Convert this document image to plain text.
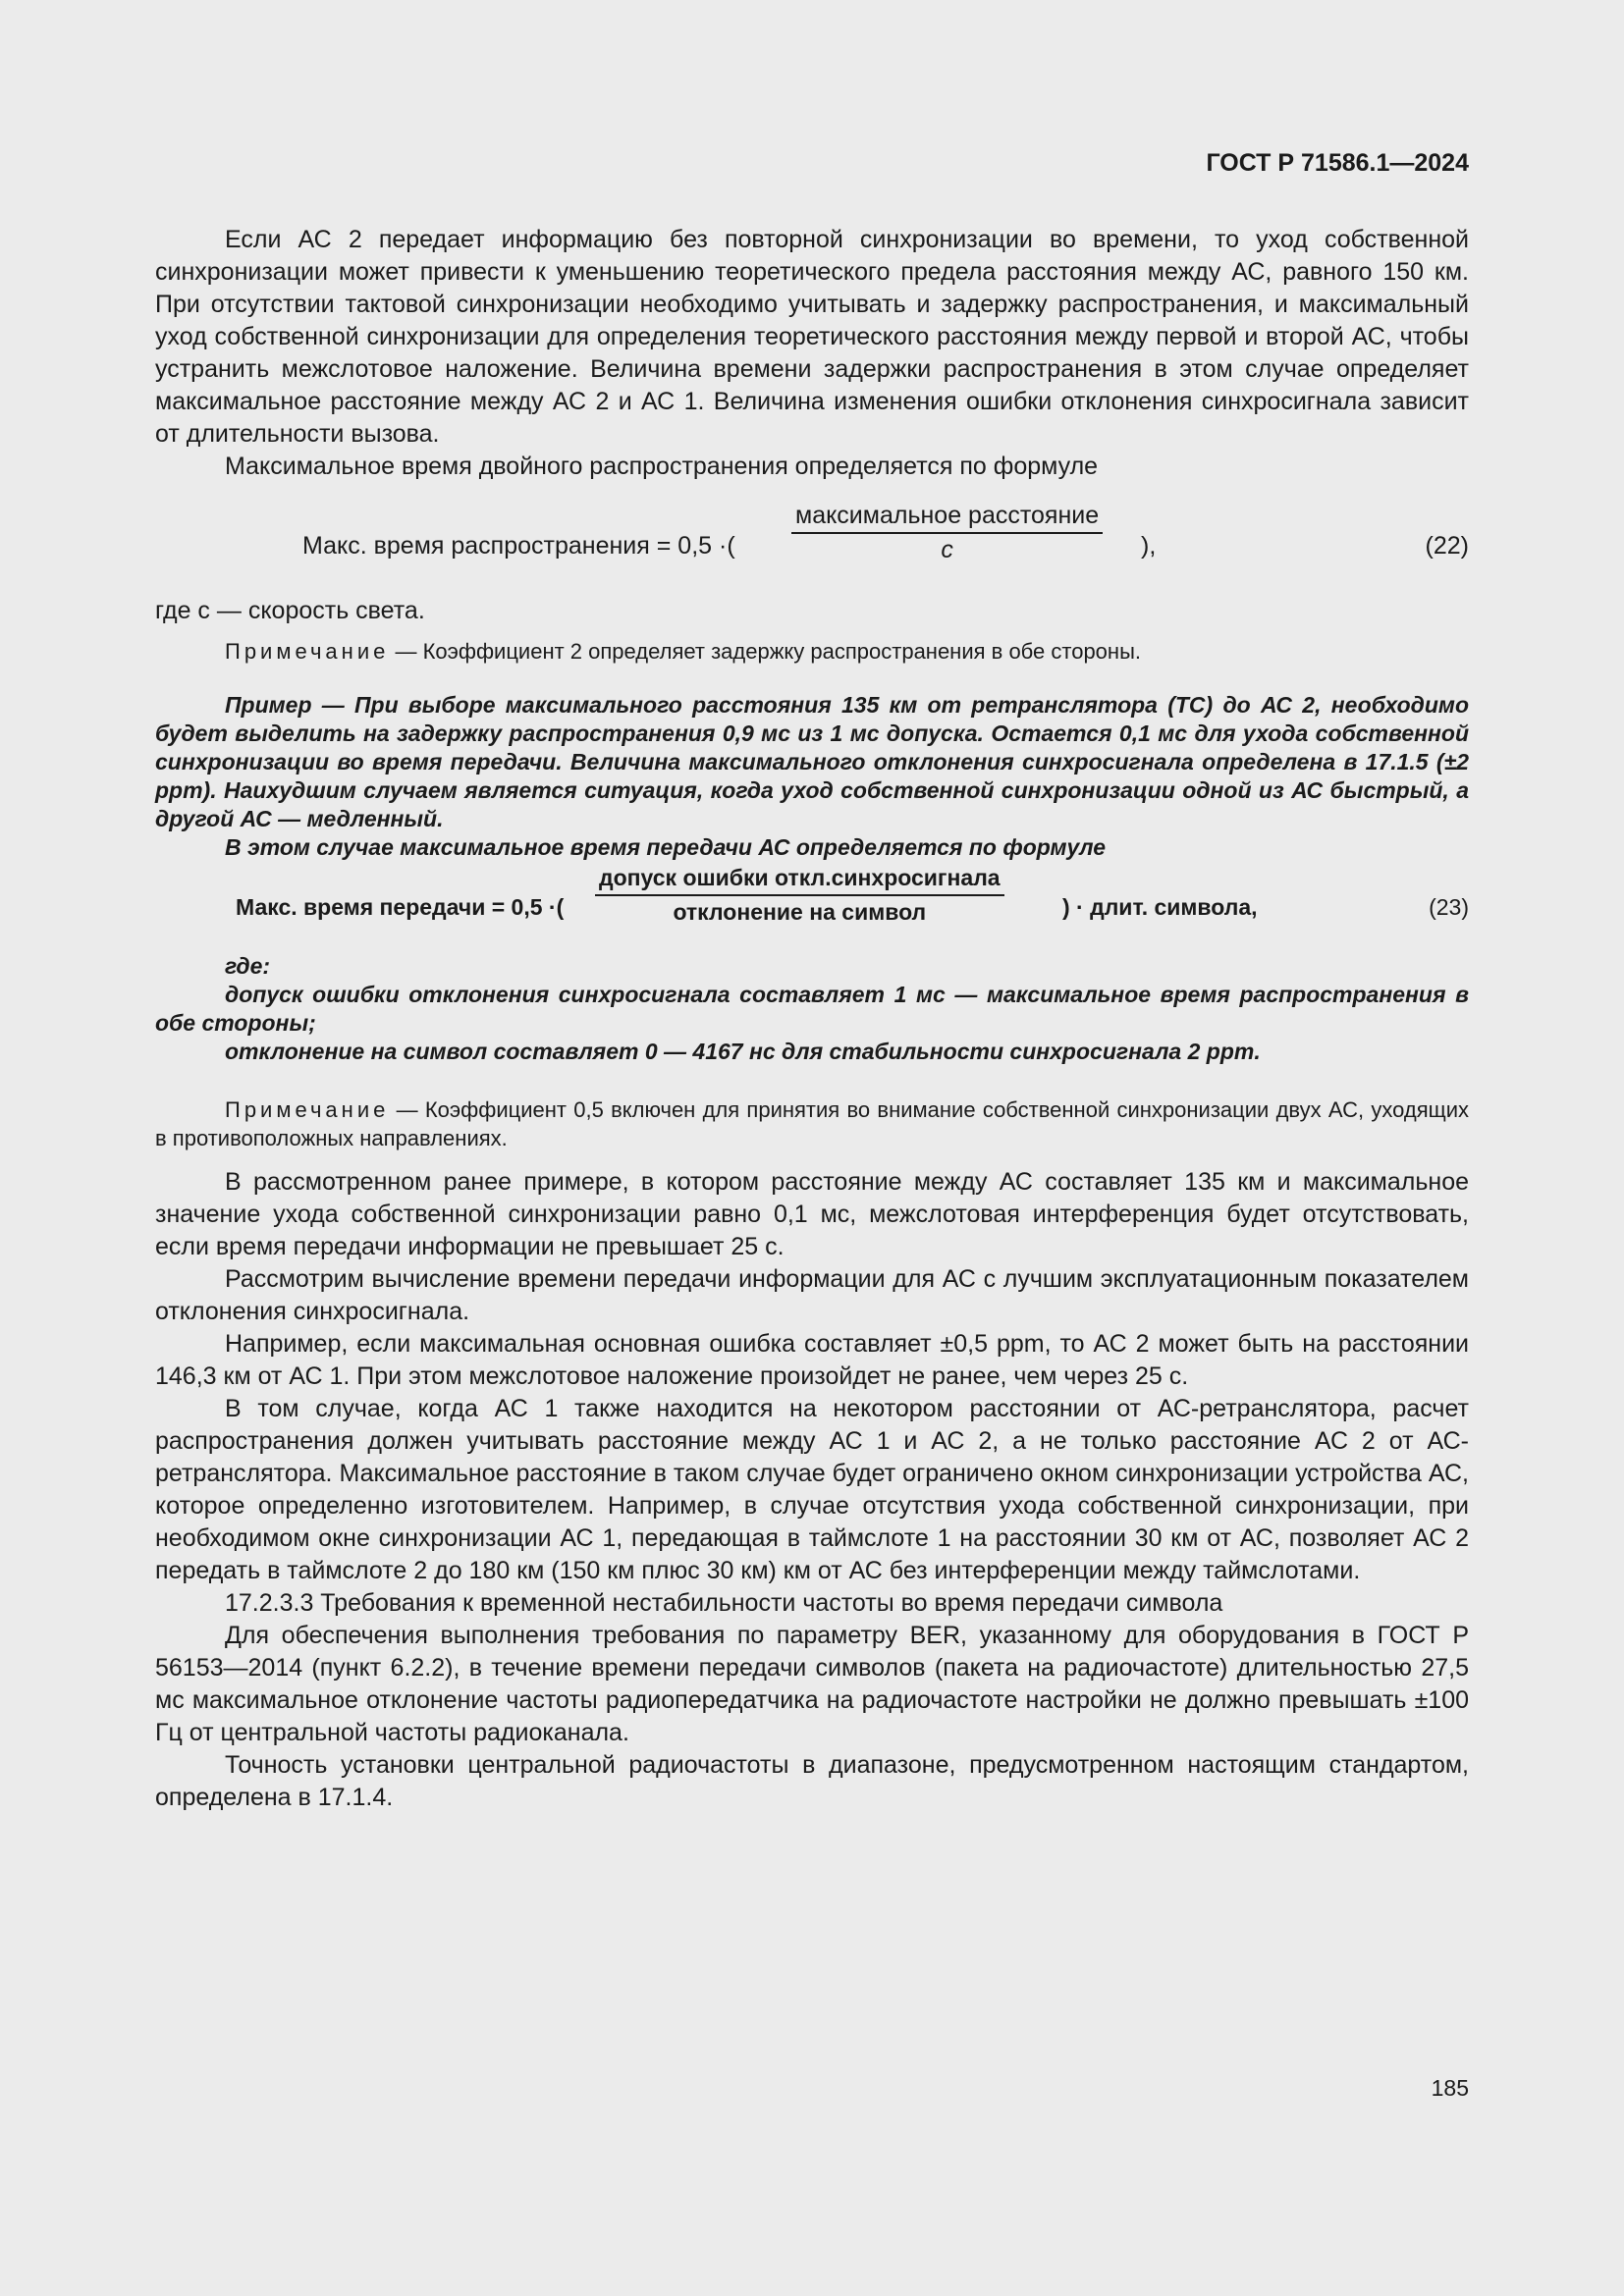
ГОСТ Р 71586.1—2024

Если АС 2 передает информацию без повторной синхронизации во времени, то уход собственной синхронизации может привести к уменьшению теоретического предела расстояния между АС, равного 150 км. При отсутствии тактовой синхронизации необходимо учитывать и задержку распространения, и максимальный уход собственной синхронизации для определения теоретического расстояния между первой и второй АС, чтобы устранить межслотовое наложение. Величина времени задержки распространения в этом случае определяет максимальное расстояние между АС 2 и АС 1. Величина изменения ошибки отклонения синхросигнала зависит от длительности вызова.

Максимальное время двойного распространения определяется по формуле

Макс. время распространения = 0,5 ·(
максимальное расстояние
c	),	(22)

где c — скорость света.

Примечание — Коэффициент 2 определяет задержку распространения в обе стороны.

Пример — При выборе максимального расстояния 135 км от ретранслятора (ТС) до АС 2, необходимо будет выделить на задержку распространения 0,9 мс из 1 мс допуска. Остается 0,1 мс для ухода собственной синхронизации во время передачи. Величина максимального отклонения синхросигнала определена в 17.1.5 (±2 ppm). Наихудшим случаем является ситуация, когда уход собственной синхронизации одной из АС быстрый, а другой АС — медленный.

В этом случае максимальное время передачи АС определяется по формуле

Макс. время передачи = 0,5 ·(
допуск ошибки откл.синхросигнала
отклонение на символ	) · длит. символа,	(23)

где:

допуск ошибки отклонения синхросигнала составляет 1 мс — максимальное время распространения в обе стороны;

отклонение на символ составляет 0 — 4167 нс для стабильности синхросигнала 2 ppm.

Примечание — Коэффициент 0,5 включен для принятия во внимание собственной синхронизации двух АС, уходящих в противоположных направлениях.

В рассмотренном ранее примере, в котором расстояние между АС составляет 135 км и максимальное значение ухода собственной синхронизации равно 0,1 мс, межслотовая интерференция будет отсутствовать, если время передачи информации не превышает 25 с.

Рассмотрим вычисление времени передачи информации для АС с лучшим эксплуатационным показателем отклонения синхросигнала.

Например, если максимальная основная ошибка составляет ±0,5 ppm, то АС 2 может быть на расстоянии 146,3 км от АС 1. При этом межслотовое наложение произойдет не ранее, чем через 25 с.

В том случае, когда АС 1 также находится на некотором расстоянии от АС-ретранслятора, расчет распространения должен учитывать расстояние между АС 1 и АС 2, а не только расстояние АС 2 от АС-ретранслятора. Максимальное расстояние в таком случае будет ограничено окном синхронизации устройства АС, которое определенно изготовителем. Например, в случае отсутствия ухода собственной синхронизации, при необходимом окне синхронизации АС 1, передающая в таймслоте 1 на расстоянии 30 км от АС, позволяет АС 2 передать в таймслоте 2 до 180 км (150 км плюс 30 км) км от АС без интерференции между таймслотами.

17.2.3.3 Требования к временной нестабильности частоты во время передачи символа

Для обеспечения выполнения требования по параметру BER, указанному для оборудования в ГОСТ Р 56153—2014 (пункт 6.2.2), в течение времени передачи символов (пакета на радиочастоте) длительностью 27,5 мс максимальное отклонение частоты радиопередатчика на радиочастоте настройки не должно превышать ±100 Гц от центральной частоты радиоканала.

Точность установки центральной радиочастоты в диапазоне, предусмотренном настоящим стандартом, определена в 17.1.4.

185
